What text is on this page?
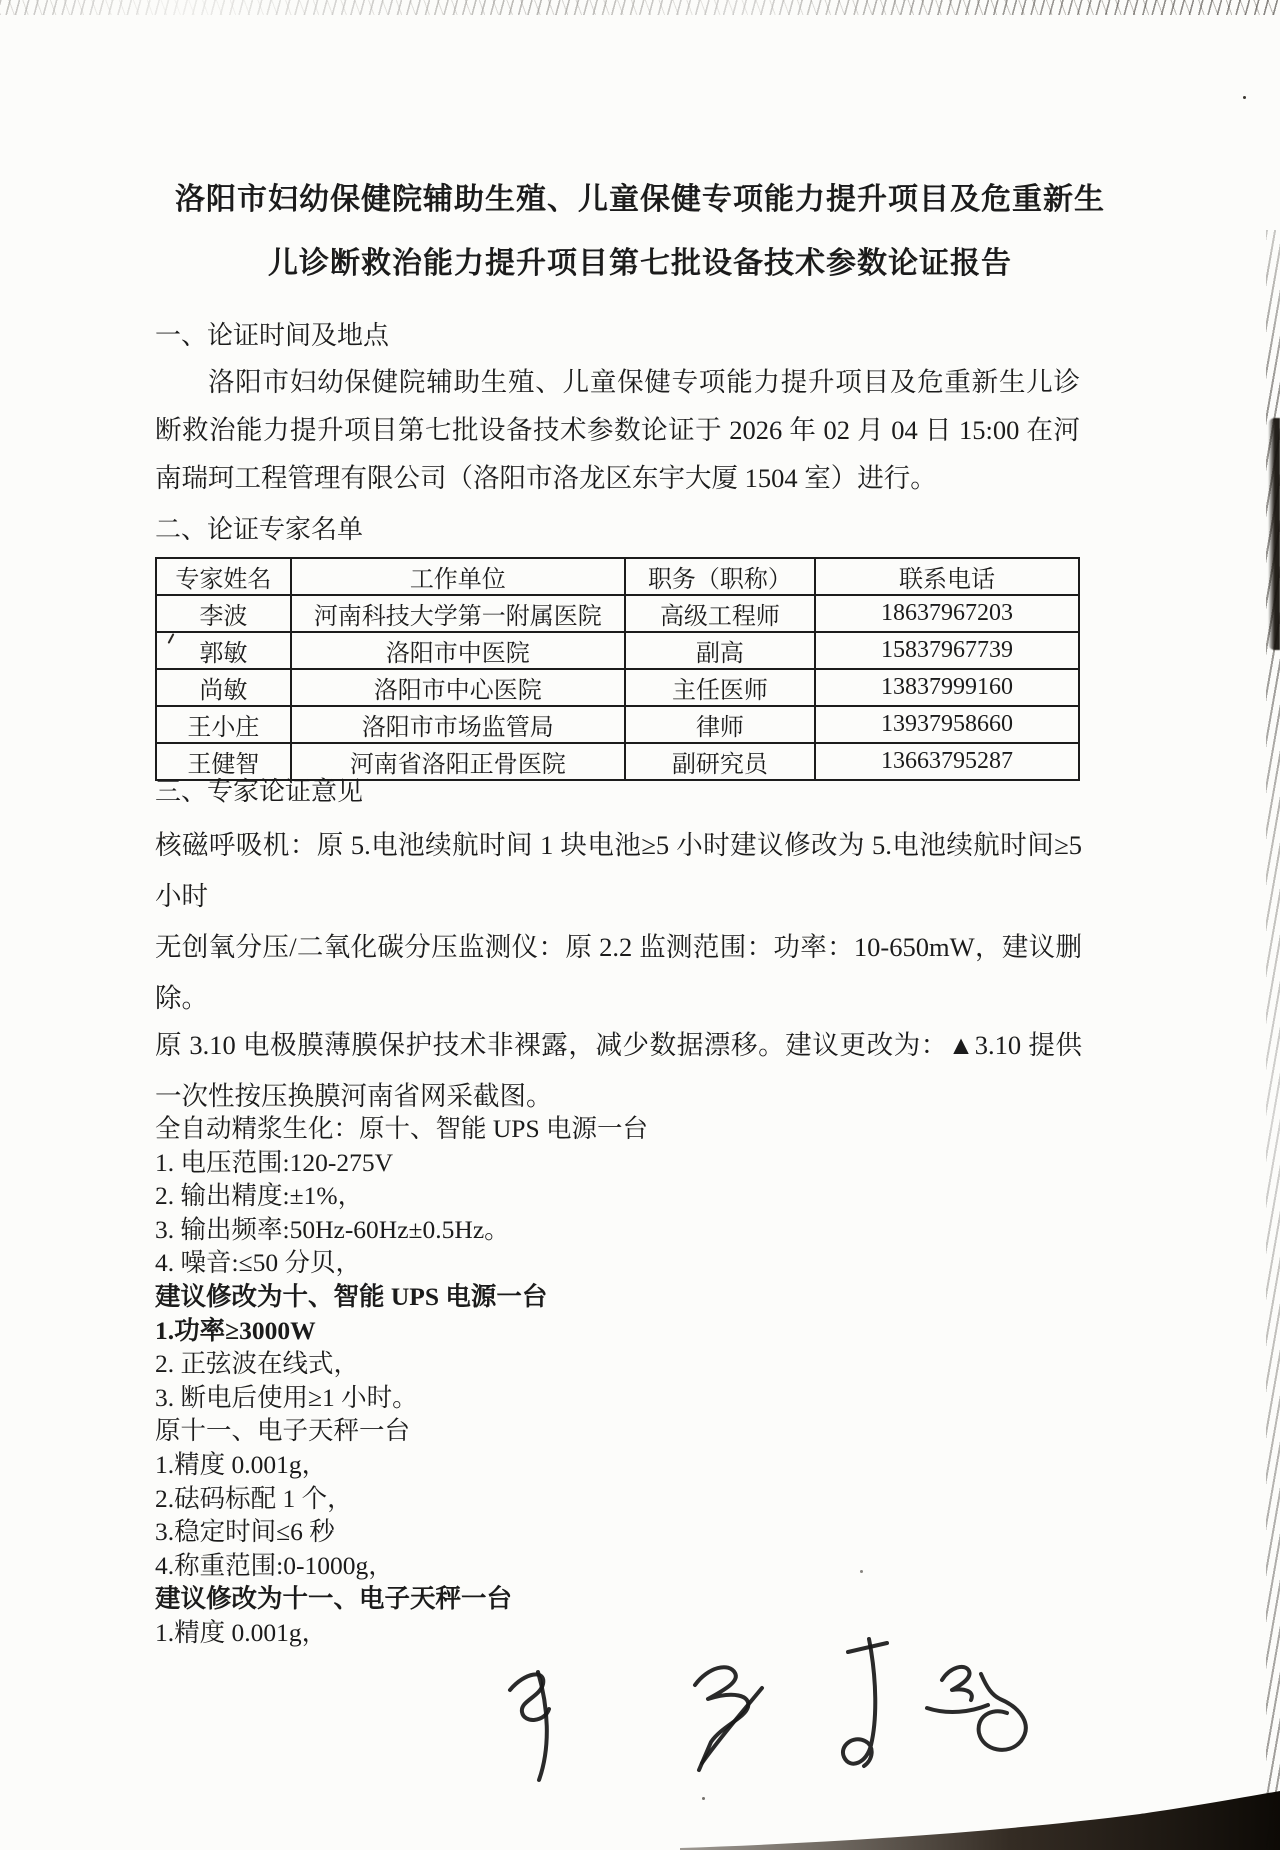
洛阳市妇幼保健院辅助生殖、儿童保健专项能力提升项目及危重新生
儿诊断救治能力提升项目第七批设备技术参数论证报告
一、论证时间及地点

洛阳市妇幼保健院辅助生殖、儿童保健专项能力提升项目及危重新生儿诊断救治能力提升项目第七批设备技术参数论证于 2026 年 02 月 04 日 15:00 在河南瑞珂工程管理有限公司（洛阳市洛龙区东宇大厦 1504 室）进行。

二、论证专家名单
专家姓名	工作单位	职务（职称）	联系电话
李波	河南科技大学第一附属医院	高级工程师	18637967203
郭敏	洛阳市中医院	副高	15837967739
尚敏	洛阳市中心医院	主任医师	13837999160
王小庄	洛阳市市场监管局	律师	13937958660
王健智	河南省洛阳正骨医院	副研究员	13663795287
三、专家论证意见

核磁呼吸机：原 5.电池续航时间 1 块电池≥5 小时建议修改为 5.电池续航时间≥5 小时

无创氧分压/二氧化碳分压监测仪：原 2.2 监测范围：功率：10-650mW，建议删除。

原 3.10 电极膜薄膜保护技术非裸露，减少数据漂移。建议更改为：▲3.10 提供一次性按压换膜河南省网采截图。

全自动精浆生化：原十、智能 UPS 电源一台
1. 电压范围:120-275V
2. 输出精度:±1%，
3. 输出频率:50Hz-60Hz±0.5Hz。
4. 噪音:≤50 分贝，
建议修改为十、智能 UPS 电源一台
1.功率≥3000W
2. 正弦波在线式，
3. 断电后使用≥1 小时。
原十一、电子天秤一台
1.精度 0.001g，
2.砝码标配 1 个，
3.稳定时间≤6 秒
4.称重范围:0-1000g，
建议修改为十一、电子天秤一台
1.精度 0.001g，
